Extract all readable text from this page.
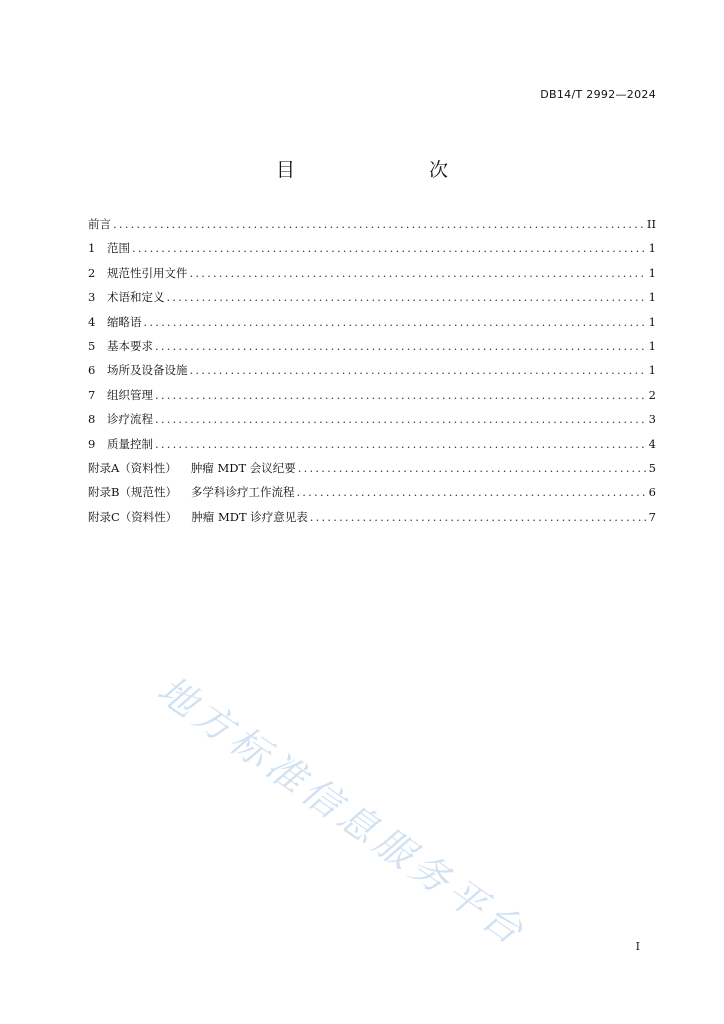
DB14/T 2992—2024
目　　次
前言 .....	II
1	范围 .....	1
2	规范性引用文件 .....	1
3	术语和定义 .....	1
4	缩略语 .....	1
5	基本要求 .....	1
6	场所及设备设施 .....	1
7	组织管理 .....	2
8	诊疗流程 .....	3
9	质量控制 .....	4
附录A（资料性） 肿瘤 MDT 会议纪要 .....	5
附录B（规范性） 多学科诊疗工作流程 .....	6
附录C（资料性） 肿瘤 MDT 诊疗意见表 .....	7
地方标准信息服务平台	I
